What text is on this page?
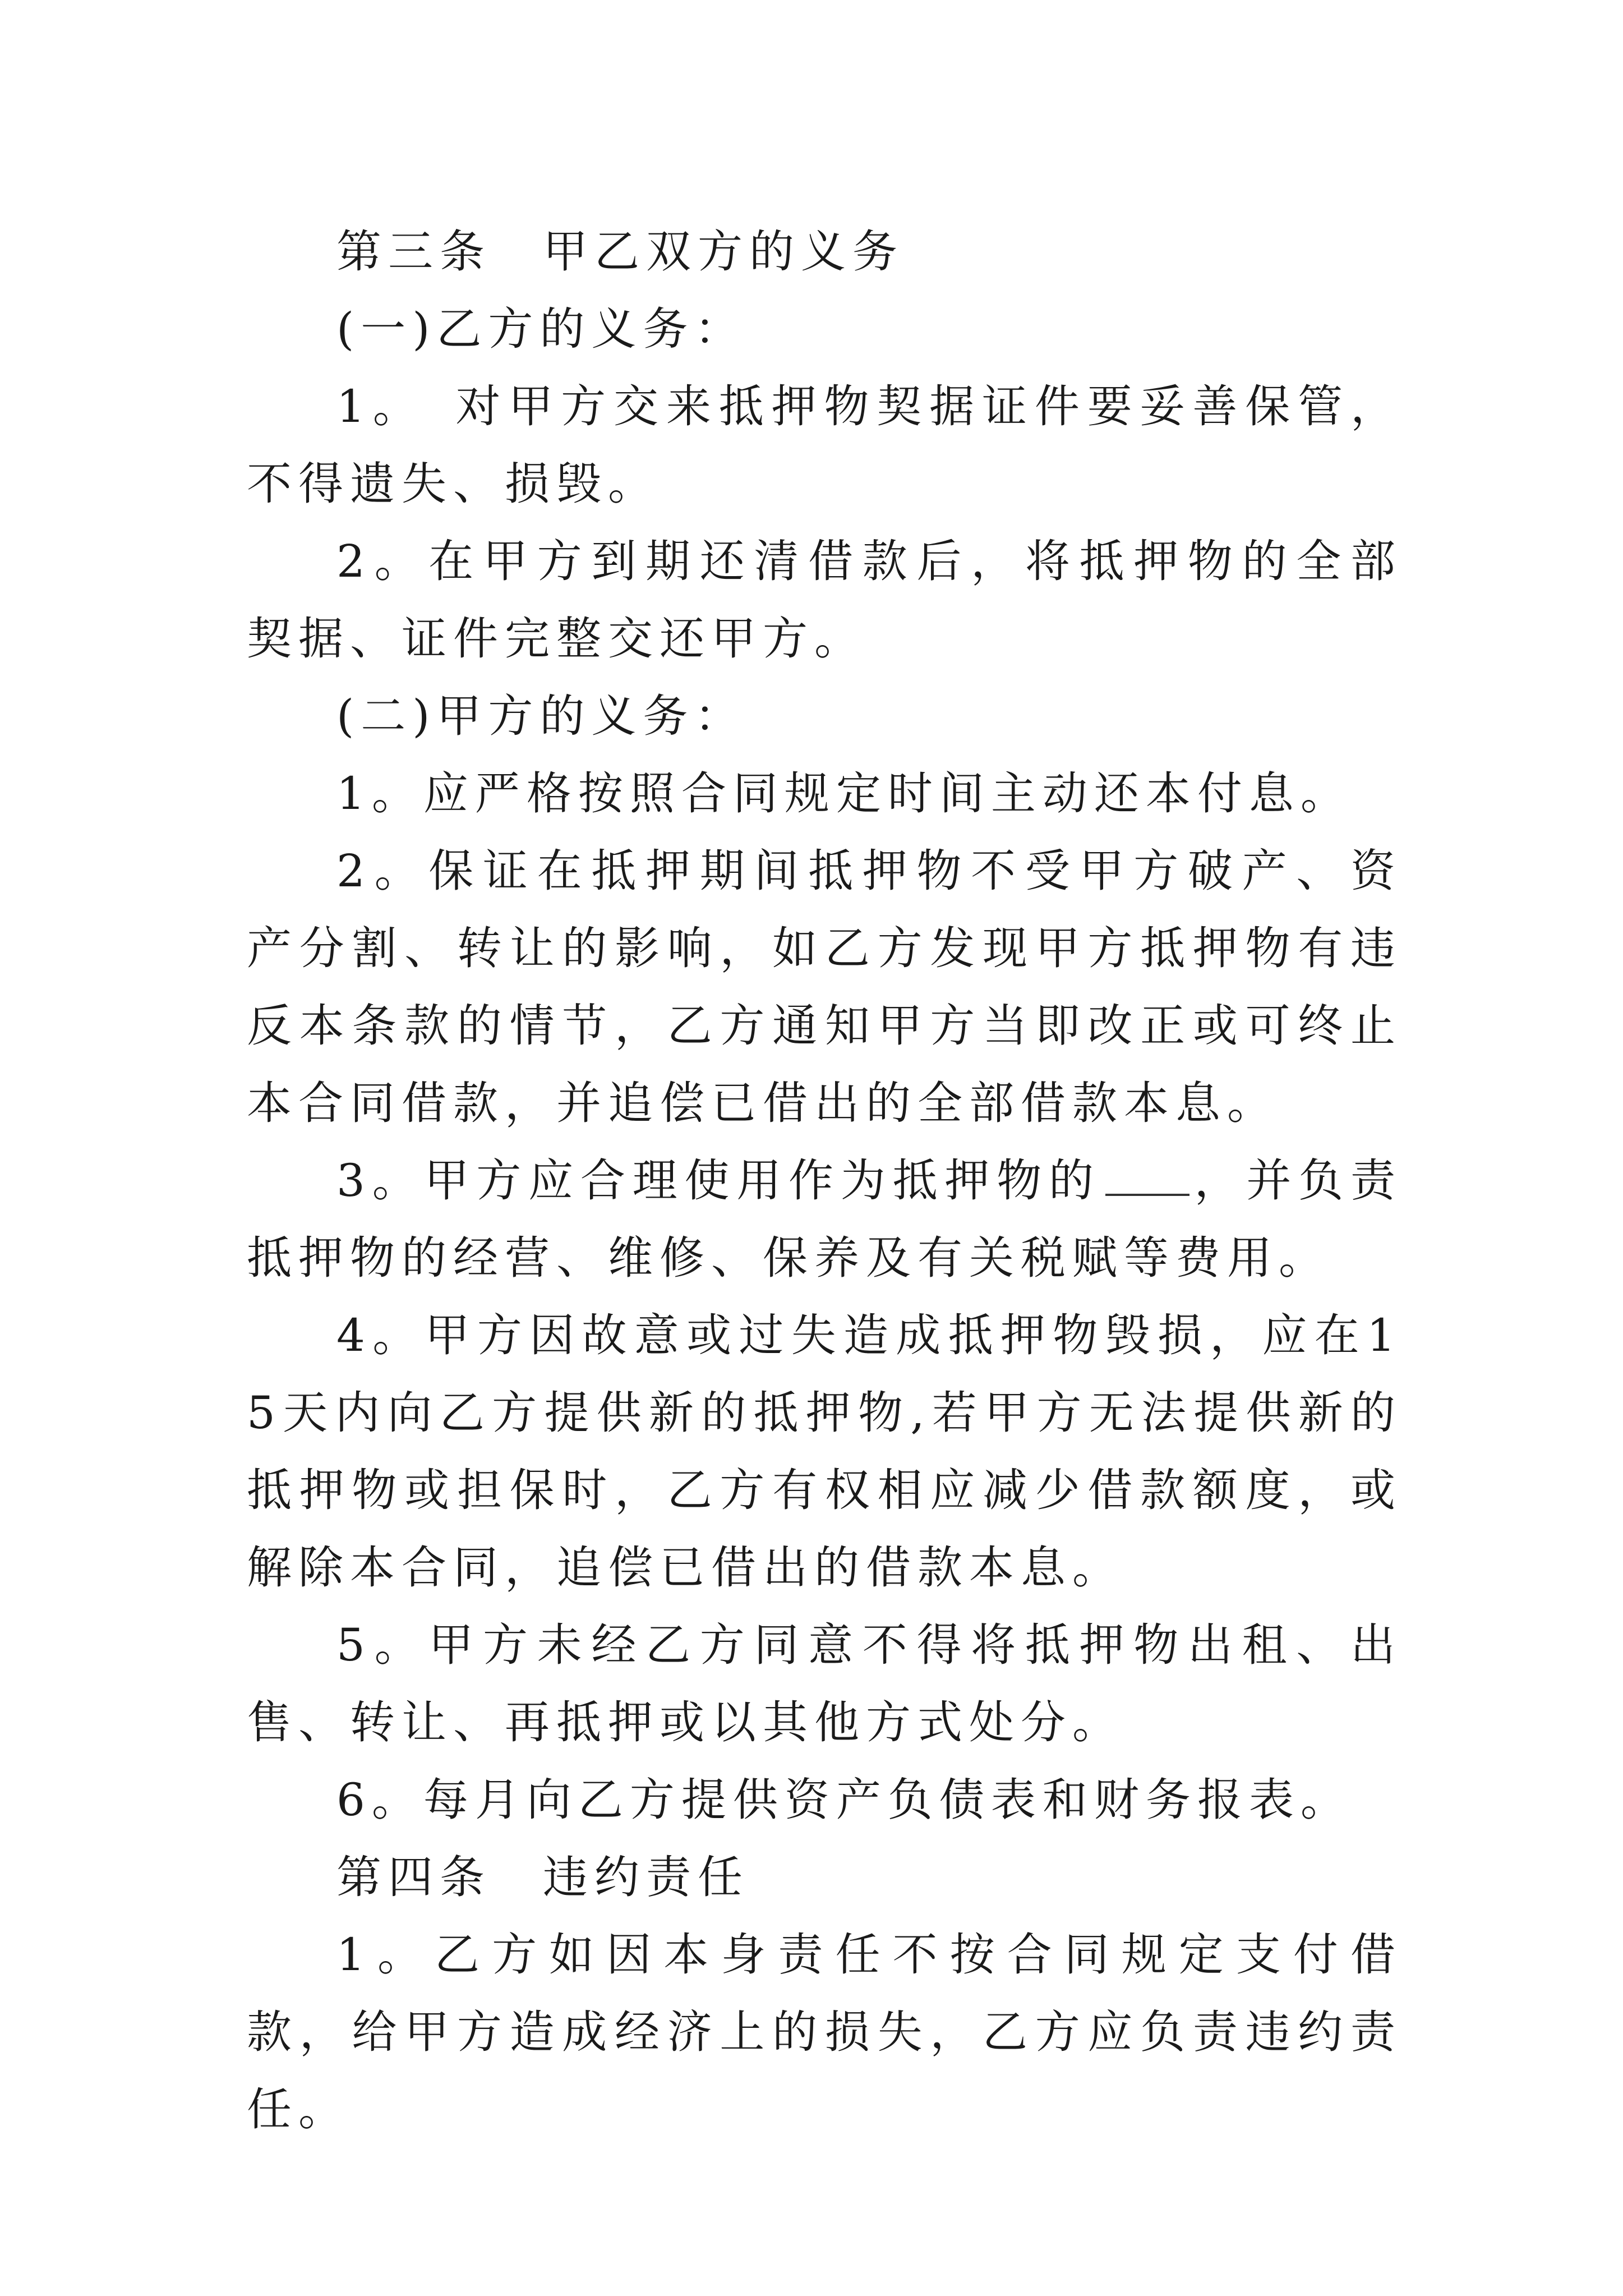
第三条　甲乙双方的义务

(一)乙方的义务：

1。　对甲方交来抵押物契据证件要妥善保管，不得遗失、损毁。

2。在甲方到期还清借款后，将抵押物的全部契据、证件完整交还甲方。

(二)甲方的义务：

1。应严格按照合同规定时间主动还本付息。

2。保证在抵押期间抵押物不受甲方破产、资产分割、转让的影响，如乙方发现甲方抵押物有违反本条款的情节，乙方通知甲方当即改正或可终止本合同借款，并追偿已借出的全部借款本息。

3。甲方应合理使用作为抵押物的 ，并负责抵押物的经营、维修、保养及有关税赋等费用。

4。甲方因故意或过失造成抵押物毁损，应在15天内向乙方提供新的抵押物,若甲方无法提供新的抵押物或担保时，乙方有权相应减少借款额度，或解除本合同，追偿已借出的借款本息。

5。甲方未经乙方同意不得将抵押物出租、出售、转让、再抵押或以其他方式处分。

6。每月向乙方提供资产负债表和财务报表。

第四条　违约责任

1。乙方如因本身责任不按合同规定支付借款，给甲方造成经济上的损失，乙方应负责违约责任。
